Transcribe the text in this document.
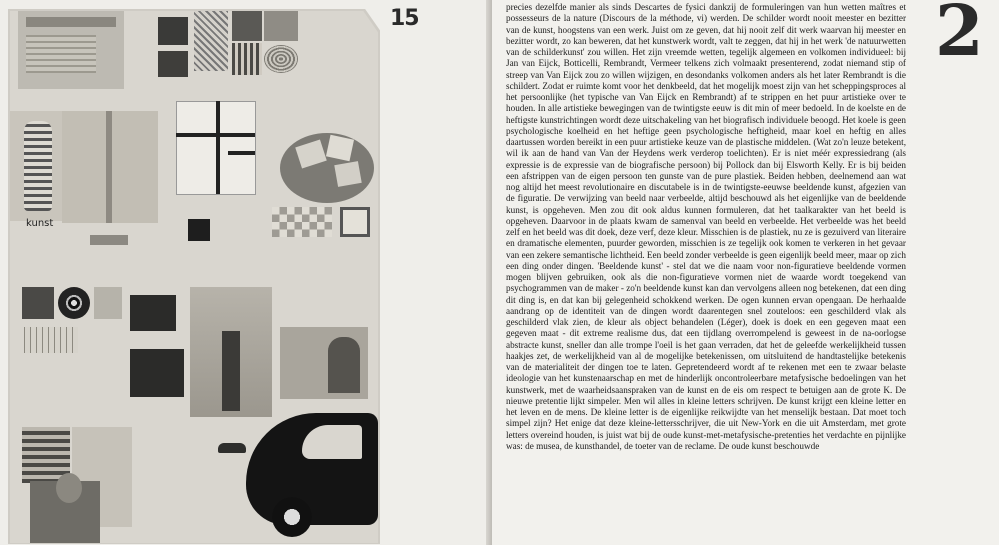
kunst
15	precies dezelfde manier als sinds Descartes de fysici dankzij de formuleringen van hun wetten maîtres et possesseurs de la nature (Discours de la méthode, vi) werden. De schilder wordt nooit meester en bezitter van de kunst, hoogstens van een werk. Juist om ze geven, dat hij nooit zelf dit werk waarvan hij meester en bezitter wordt, zo kan beweren, dat het kunstwerk wordt, valt te zeggen, dat hij in het werk 'de natuurwetten van de schilderkunst' zou willen. Het zijn vreemde wetten, tegelijk algemeen en volkomen individueel: bij Jan van Eijck, Botticelli, Rembrandt, Vermeer telkens zich volmaakt presenterend, zodat niemand stip of streep van Van Eijck zou zo willen wijzigen, en desondanks volkomen anders als het later Rembrandt is die schildert. Zodat er ruimte komt voor het denkbeeld, dat het mogelijk moest zijn van het scheppingsproces al het persoonlijke (het typische van Van Eijck en Rembrandt) af te strippen en het puur artistieke over te houden. In alle artistieke bewegingen van de twintigste eeuw is dit min of meer bedoeld. In de koelste en de heftigste kunstrichtingen wordt deze uitschakeling van het biografisch individuele beoogd. Het koele is geen psychologische koelheid en het heftige geen psychologische heftigheid, maar koel en heftig en alles daartussen worden bereikt in een puur artistieke keuze van de plastische middelen. (Wat zo'n leuze betekent, wil ik aan de hand van Van der Heydens werk verderop toelichten). Er is niet méér expressiedrang (als expressie is de expressie van de biografische persoon) bij Pollock dan bij Elsworth Kelly. Er is bij beiden een afstrippen van de eigen persoon ten gunste van de pure plastiek. Beiden hebben, deelnemend aan wat nog altijd het meest revolutionaire en discutabele is in de twintigste-eeuwse beeldende kunst, afgezien van de figuratie. De verwijzing van beeld naar verbeelde, altijd beschouwd als het eigenlijke van de beeldende kunst, is opgeheven. Men zou dit ook aldus kunnen formuleren, dat het taalkarakter van het beeld is opgeheven. Daarvoor in de plaats kwam de samenval van beeld en verbeelde. Het verbeelde was het beeld zelf en het beeld was dit doek, deze verf, deze kleur. Misschien is de plastiek, nu ze is gezuiverd van literaire en dramatische elementen, puurder geworden, misschien is ze tegelijk ook komen te verkeren in het gevaar van een zekere semantische lichtheid. Een beeld zonder verbeelde is geen eigenlijk beeld meer, maar op zich een ding onder dingen. 'Beeldende kunst' - stel dat we die naam voor non-figuratieve beeldende vormen mogen blijven gebruiken, ook als die non-figuratieve vormen niet de waarde wordt toegekend van psychogrammen van de maker - zo'n beeldende kunst kan dan vervolgens alleen nog betekenen, dat een ding dit ding is, en dat kan bij gelegenheid schokkend werken. De ogen kunnen ervan opengaan. De herhaalde aandrang op de identiteit van de dingen wordt daarentegen snel zouteloos: een geschilderd vlak als geschilderd vlak zien, de kleur als object behandelen (Léger), doek is doek en een gegeven maat een gegeven maat - dit extreme realisme dus, dat een tijdlang overrompelend is geweest in de na-oorlogse abstracte kunst, sneller dan alle trompe l'oeil is het gaan verraden, dat het de geleefde werkelijkheid tussen haakjes zet, de werkelijkheid van al de mogelijke betekenissen, om uitsluitend de handtastelijke betekenis van de materialiteit der dingen toe te laten. Gepretendeerd wordt af te rekenen met een te zwaar belaste ideologie van het kunstenaarschap en met de hinderlijk oncontroleerbare metafysische bedoelingen van het kunstwerk, met de waarheidsaanspraken van de kunst en de eis om respect te betuigen aan de grote K. De nieuwe pretentie lijkt simpeler. Men wil alles in kleine letters schrijven. De kunst krijgt een kleine letter en het leven en de mens. De kleine letter is de eigenlijke reikwijdte van het menselijk bestaan. Dat moet toch simpel zijn? Het enige dat deze kleine-lettersschrijver, die uit New-York en die uit Amsterdam, met grote letters overeind houden, is juist wat bij de oude kunst-met-metafysische-pretenties het verdachte en pijnlijke was: de musea, de kunsthandel, de toeter van de reclame. De oude kunst beschouwde

2
